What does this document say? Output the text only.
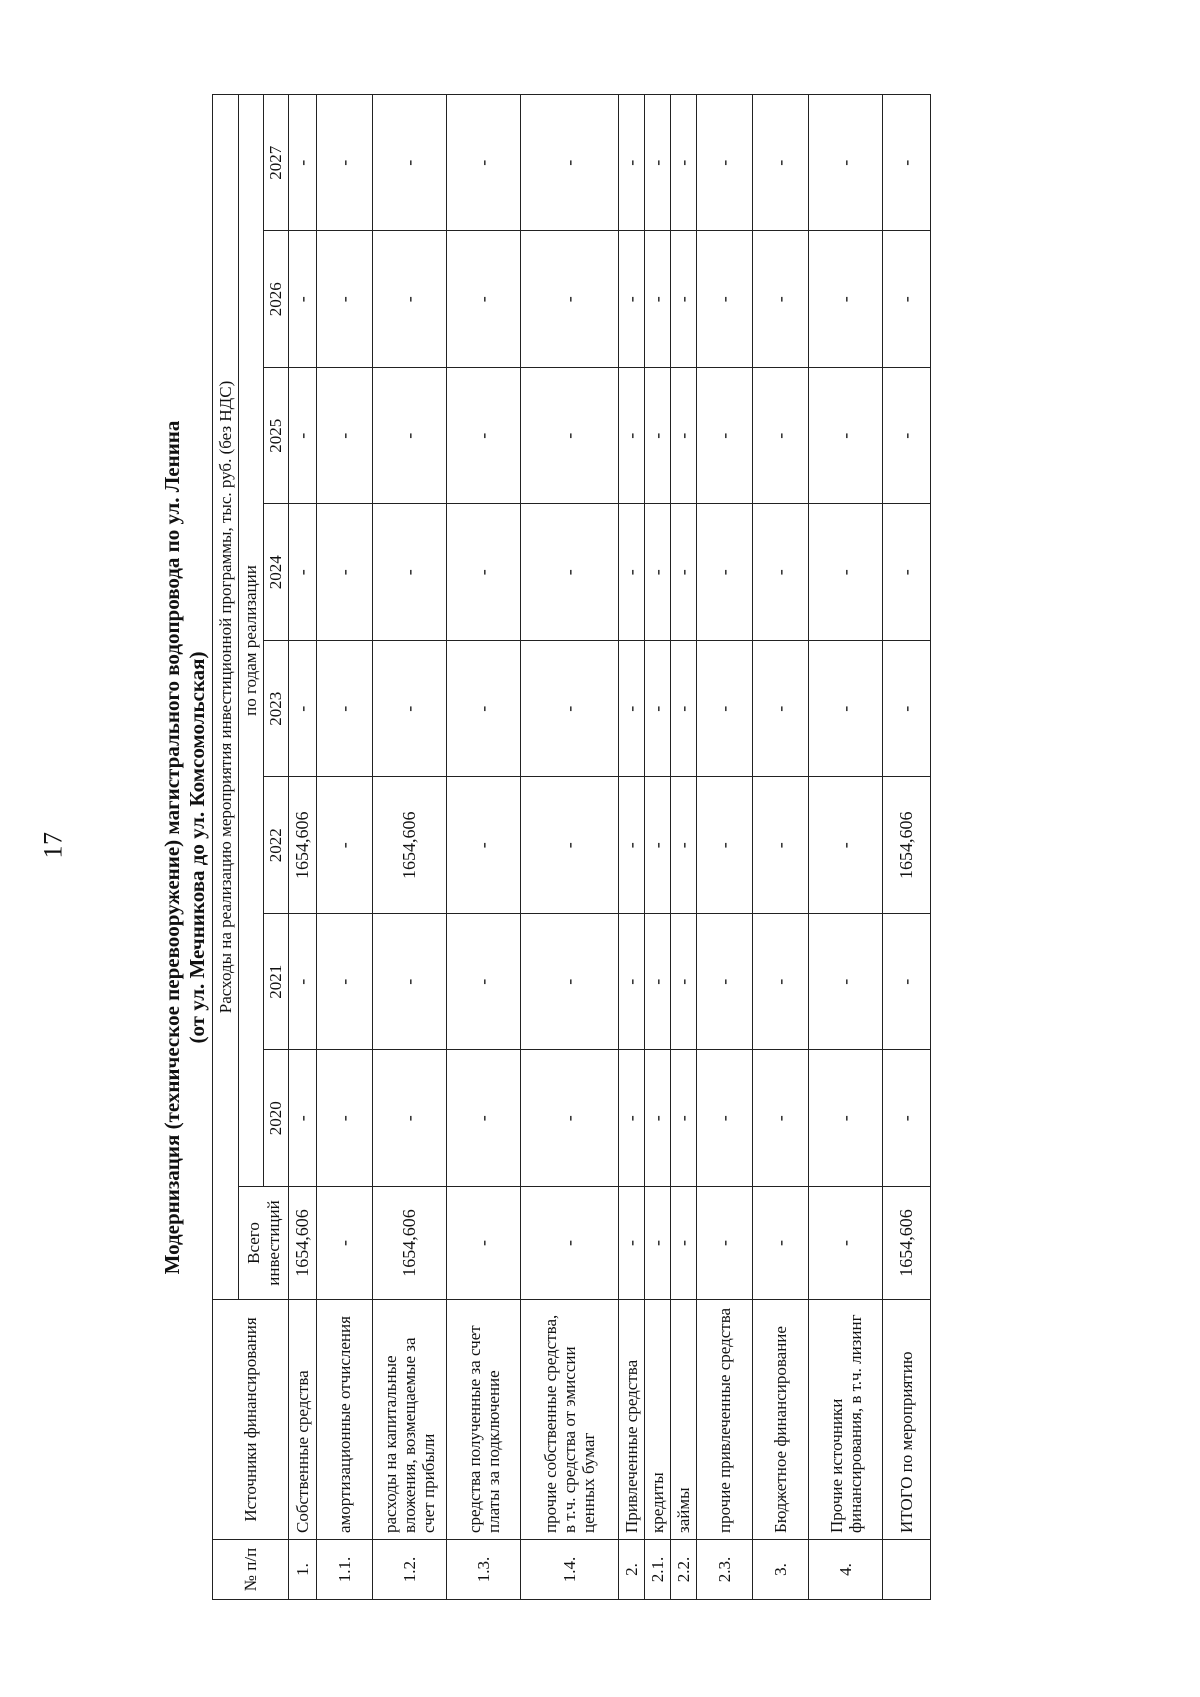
17	Модернизация (техническое перевооружение) магистрального водопровода по ул. Ленина (от ул. Мечникова до ул. Комсомольская)
№ п/п	Источники финансирования	Расходы на реализацию мероприятия инвестиционной программы, тыс. руб. (без НДС)								
		Всего инвестиций	по годам реализации							
			2020	2021	2022	2023	2024	2025	2026	2027
1.	Собственные средства	1654,606	-	-	1654,606	-	-	-	-	-
1.1.	амортизационные отчисления	-	-	-	-	-	-	-	-	-
1.2.	расходы на капитальные вложения, возмещаемые за счет прибыли	1654,606	-	-	1654,606	-	-	-	-	-
1.3.	средства полученные за счет платы за подключение	-	-	-	-	-	-	-	-	-
1.4.	прочие собственные средства, в т.ч. средства от эмиссии ценных бумаг	-	-	-	-	-	-	-	-	-
2.	Привлеченные средства	-	-	-	-	-	-	-	-	-
2.1.	кредиты	-	-	-	-	-	-	-	-	-
2.2.	займы	-	-	-	-	-	-	-	-	-
2.3.	прочие привлеченные средства	-	-	-	-	-	-	-	-	-
3.	Бюджетное финансирование	-	-	-	-	-	-	-	-	-
4.	Прочие источники финансирования, в т.ч. лизинг	-	-	-	-	-	-	-	-	-
	ИТОГО по мероприятию	1654,606	-	-	1654,606	-	-	-	-	-
